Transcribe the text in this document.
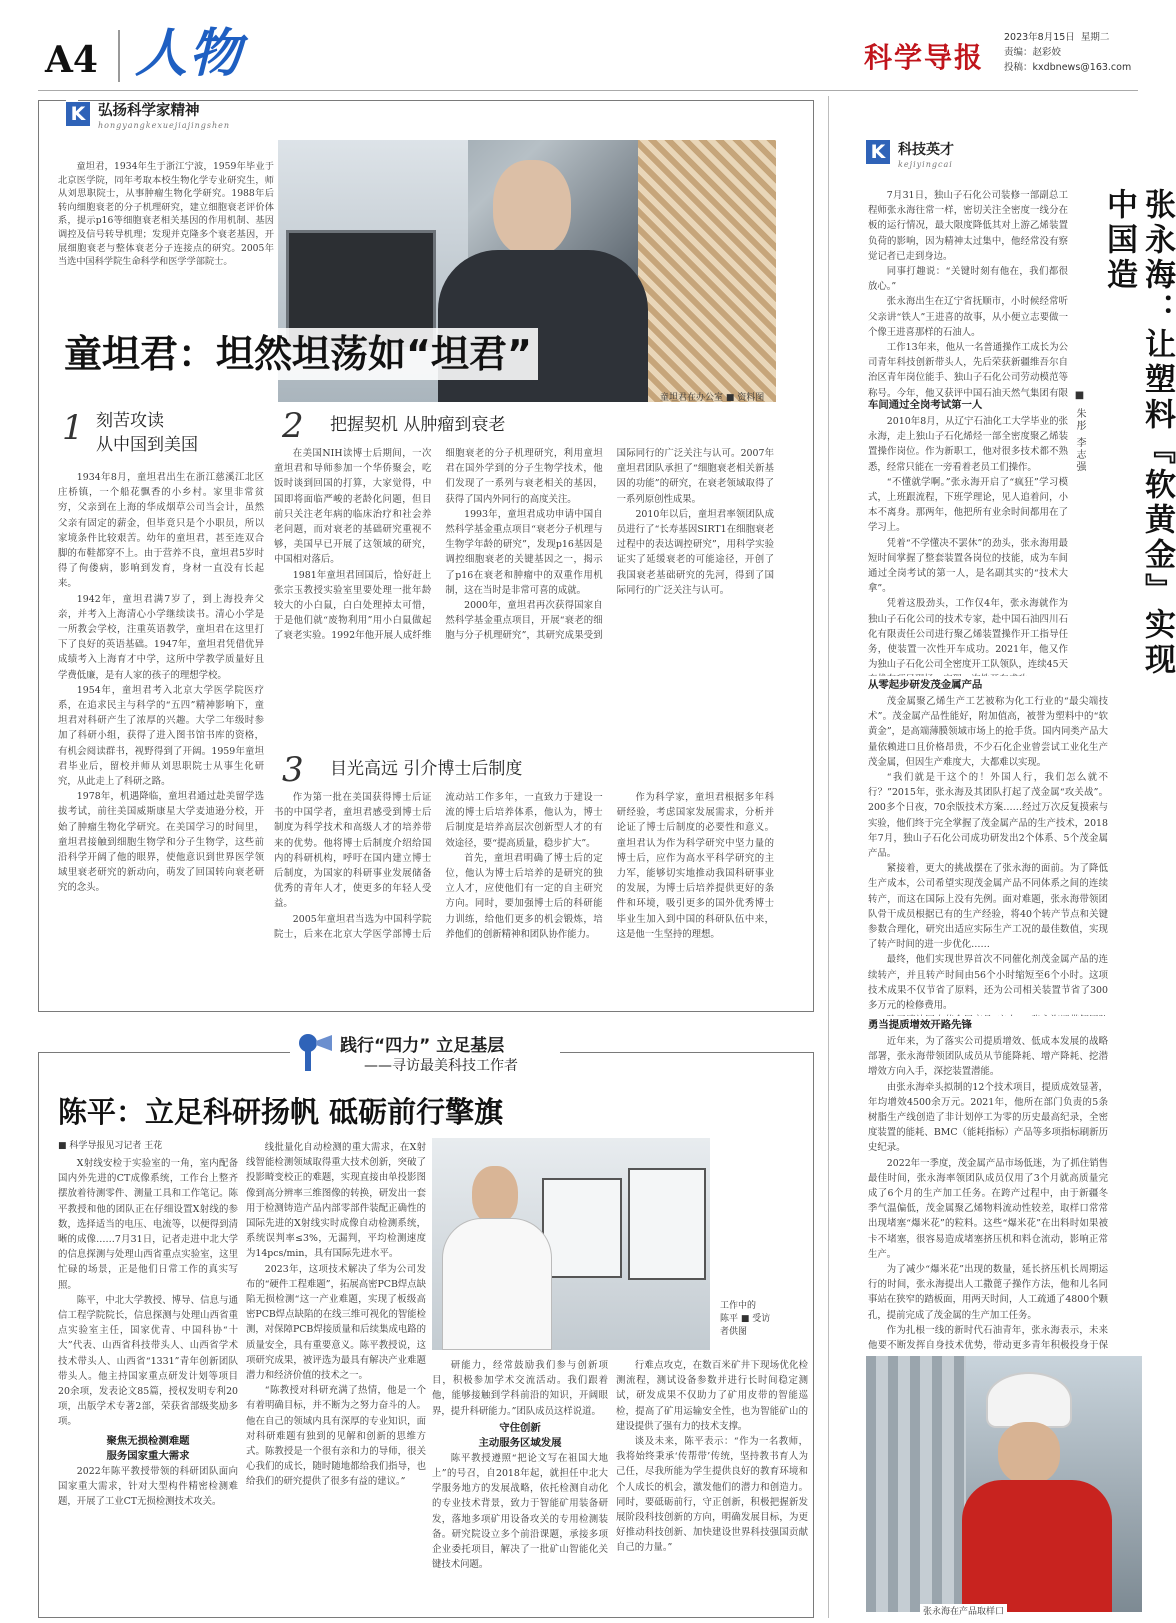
A4 人物	科学导报
2023年8月15日 星期二
责编：赵彩姣
投稿：kxdbnews@163.com
K 弘扬科学家精神
hongyangkexuejiajingshen
童坦君，1934年生于浙江宁波，1959年毕业于北京医学院，同年考取本校生物化学专业研究生，师从刘思职院士，从事肿瘤生物化学研究。1988年后转向细胞衰老的分子机理研究，建立细胞衰老评价体系，提示p16等细胞衰老相关基因的作用机制、基因调控及信号转导机理；发现并克隆多个衰老基因，开展细胞衰老与整体衰老分子连接点的研究。2005年当选中国科学院生命科学和医学学部院士。
童坦君：坦然坦荡如“坦君”
童坦君在办公室 ■ 资料图
1 刻苦攻读
从中国到美国

1934年8月，童坦君出生在浙江慈溪江北区庄桥镇，一个船花飘香的小乡村。家里非常贫穷，父亲到在上海的华成烟草公司当会计，虽然父亲有固定的薪金，但毕竟只是个小职员，所以家境条件比较艰苦。幼年的童坦君，甚至连双合脚的布鞋都穿不上。由于营养不良，童坦君5岁时得了佝偻病，影响到发育，身材一直没有长起来。

1942年，童坦君满7岁了，到上海投奔父亲，并考入上海清心小学继续读书。清心小学是一所教会学校，注重英语教学，童坦君在这里打下了良好的英语基础。1947年，童坦君凭借优异成绩考入上海育才中学，这所中学教学质量好且学费低廉，是有人家的孩子的理想学校。

1954年，童坦君考入北京大学医学院医疗系，在追求民主与科学的“五四”精神影响下，童坦君对科研产生了浓厚的兴趣。大学二年级时参加了科研小组，获得了进入图书馆书库的资格，有机会阅读群书，视野得到了开阔。1959年童坦君毕业后，留校并师从刘思职院士从事生化研究，从此走上了科研之路。

1978年，机遇降临，童坦君通过赴美留学选拔考试，前往美国威斯康星大学麦迪逊分校，开始了肿瘤生物化学研究。在美国学习的时间里，童坦君接触到细胞生物学和分子生物学，这些前沿科学开阔了他的眼界，使他意识到世界医学领域里衰老研究的新动向，萌发了回国转向衰老研究的念头。

2 把握契机 从肿瘤到衰老

在美国NIH读博士后期间，一次童坦君和导师参加一个华侨聚会，吃饭时谈到回国的打算，大家觉得，中国即将面临严峻的老龄化问题，但目前只关注老年病的临床治疗和社会养老问题，而对衰老的基础研究重视不够，美国早已开展了这领域的研究，中国相对落后。

1981年童坦君回国后，恰好赶上张宗玉教授实验室里要处理一批年龄较大的小白鼠，白白处理掉太可惜，于是他们就“废物利用”用小白鼠做起了衰老实验。1992年他开展人成纤维细胞衰老的分子机理研究，利用童坦君在国外学到的分子生物学技术，他们发现了一系列与衰老相关的基因，获得了国内外同行的高度关注。

1993年，童坦君成功申请中国自然科学基金重点项目“衰老分子机理与生物学年龄的研究”，发现p16基因是调控细胞衰老的关键基因之一，揭示了p16在衰老和肿瘤中的双重作用机制，这在当时是非常可喜的成就。

2000年，童坦君再次获得国家自然科学基金重点项目，开展“衰老的细胞与分子机理研究”，其研究成果受到国际同行的广泛关注与认可。2007年童坦君团队承担了“细胞衰老相关新基因的功能”的研究，在衰老领域取得了一系列原创性成果。

2010年以后，童坦君率领团队成员进行了“长寿基因SIRT1在细胞衰老过程中的表达调控研究”，用科学实验证实了延缓衰老的可能途径，开创了我国衰老基础研究的先河，得到了国际同行的广泛关注与认可。

3 目光高远 引介博士后制度

作为第一批在美国获得博士后证书的中国学者，童坦君感受到博士后制度为科学技术和高级人才的培养带来的优势。他将博士后制度介绍给国内的科研机构，呼吁在国内建立博士后制度，为国家的科研事业发展储备优秀的青年人才，使更多的年轻人受益。

2005年童坦君当选为中国科学院院士，后来在北京大学医学部博士后流动站工作多年，一直致力于建设一流的博士后培养体系，他认为，博士后制度是培养高层次创新型人才的有效途径，要“提高质量，稳步扩大”。

首先，童坦君明确了博士后的定位，他认为博士后培养的是研究的独立人才，应使他们有一定的自主研究方向。同时，要加强博士后的科研能力训练，给他们更多的机会锻炼，培养他们的创新精神和团队协作能力。

作为科学家，童坦君根据多年科研经验，考虑国家发展需求，分析并论证了博士后制度的必要性和意义。童坦君认为作为科学研究中坚力量的博士后，应作为高水平科学研究的主力军，能够切实地推动我国科研事业的发展，为博士后培养提供更好的条件和环境，吸引更多的国外优秀博士毕业生加入到中国的科研队伍中来，这是他一生坚持的理想。

践行“四力” 立足基层
——寻访最美科技工作者
陈平：立足科研扬帆 砥砺前行擎旗
■ 科学导报见习记者 王花

X射线安检于实验室的一角，室内配备国内外先进的CT成像系统，工作台上整齐摆放着待测零件、测量工具和工作笔记。陈平教授和他的团队正在仔细设置X射线的参数，选择适当的电压、电流等，以便得到清晰的成像……7月31日，记者走进中北大学的信息探测与处理山西省重点实验室，这里忙碌的场景，正是他们日常工作的真实写照。

陈平，中北大学教授、博导、信息与通信工程学院院长，信息探测与处理山西省重点实验室主任，国家优青、中国科协“十大”代表、山西省科技带头人、山西省学术技术带头人、山西省“1331”青年创新团队带头人。他主持国家重点研发计划等项目20余项，发表论文85篇，授权发明专利20项，出版学术专著2部，荣获省部级奖励多项。

聚焦无损检测难题
服务国家重大需求

2022年陈平教授带领的科研团队面向国家重大需求，针对大型构件精密检测难题，开展了工业CT无损检测技术攻关。

线批量化自动检测的重大需求，在X射线智能检测领域取得重大技术创新，突破了投影畸变校正的难题，实现直接由单投影图像到高分辨率三维图像的转换，研发出一套用于检测铸造产品内部零部件装配正确性的国际先进的X射线实时成像自动检测系统，系统误判率≤3%，无漏判，平均检测速度为14pcs/min，具有国际先进水平。

2023年，这项技术解决了华为公司发布的“硬件工程难题”，拓展高密PCB焊点缺陷无损检测“这一产业难题，实现了板级高密PCB焊点缺陷的在线三维可视化的智能检测，对保障PCB焊接质量和后续集成电路的质量安全，具有重要意义。陈平教授说，这项研究成果，被评选为最具有解决产业难题潜力和经济价值的技术之一。

“陈教授对科研充满了热情，他是一个有着明确目标，并不断为之努力奋斗的人。他在自己的领域内具有深厚的专业知识，面对科研难题有独到的见解和创新的思维方式。陈教授是一个很有亲和力的导师，很关心我们的成长，随时随地都给我们指导，也给我们的研究提供了很多有益的建议。”

工作中的
陈平 ■ 受访
者供图

研能力，经常鼓励我们参与创新项目，积极参加学术交流活动。我们跟着他，能够接触到学科前沿的知识，开阔眼界，提升科研能力。”团队成员这样说道。

守住创新
主动服务区域发展

陈平教授遵照“把论文写在祖国大地上”的号召，自2018年起，就担任中北大学服务地方的发展战略，依托检测自动化的专业技术背景，致力于智能矿用装备研发，落地多项矿用设备攻关的专用检测装备。研究院设立多个前沿课题，承接多项企业委托项目，解决了一批矿山智能化关键技术问题。

行难点攻克，在数百米矿井下现场优化检测流程，测试设备参数并进行长时间稳定测试，研发成果不仅助力了矿用皮带的智能巡检，提高了矿用运输安全性，也为智能矿山的建设提供了强有力的技术支撑。

谈及未来，陈平表示：“作为一名教师，我将始终秉承‘传帮带’传统，坚持教书育人为己任，尽我所能为学生提供良好的教育环境和个人成长的机会，激发他们的潜力和创造力。同时，要砥砺前行，守正创新，积极把握新发展阶段科技创新的方向，明确发展目标，为更好推动科技创新、加快建设世界科技强国贡献自己的力量。”

K 科技英才
kejiyingcai
张永海：让塑料『软黄金』实现中国造
■ 朱彤 李志强

7月31日，独山子石化公司装修一部副总工程师张永海往常一样，密切关注全密度一线分在板的运行情况，最大限度降低其对上游乙烯装置负荷的影响，因为精神太过集中，他经常没有察觉记者已走到身边。

同事打趣说：“关键时刻有他在，我们都很放心。”

张永海出生在辽宁省抚顺市，小时候经常听父亲讲“铁人”王进喜的故事，从小便立志要做一个像王进喜那样的石油人。

工作13年来，他从一名普通操作工成长为公司青年科技创新带头人，先后荣获新疆维吾尔自治区青年岗位能手、独山子石化公司劳动模范等称号。今年，他又获评中国石油天然气集团有限

车间通过全岗考试第一人

2010年8月，从辽宁石油化工大学毕业的张永海，走上独山子石化烯烃一部全密度聚乙烯装置操作岗位。作为新职工，他对很多技术都不熟悉，经常只能在一旁看着老员工们操作。

“不懂就学啊。”张永海开启了“疯狂”学习模式，上班跟流程，下班学理论，见人追着问，小本不离身。那两年，他把所有业余时间都用在了学习上。

凭着“不学懂决不罢休”的劲头，张永海用最短时间掌握了整套装置各岗位的技能，成为车间通过全岗考试的第一人，是名副其实的“技术大拿”。

凭着这股劲头，工作仅4年，张永海就作为独山子石化公司的技术专家，赴中国石油四川石化有限责任公司进行聚乙烯装置操作开工指导任务，使装置一次性开车成功。2021年，他又作为独山子石化公司全密度开工队领队，连续45天

从零起步研发茂金属产品

茂金属聚乙烯生产工艺被称为化工行业的“最尖端技术”。茂金属产品性能好，附加值高，被誉为塑料中的“软黄金”，是高端薄膜领域市场上的抢手货。国内同类产品大量依赖进口且价格昂贵，不少石化企业曾尝试工业化生产茂金属，但因生产难度大，大都难以实现。

“我们就是干这个的！外国人行，我们怎么就不行？”2015年，张永海及其团队打起了茂金属“攻关战”。200多个日夜，70余版技术方案……经过万次反复摸索与实验，他们终于完全掌握了茂金属产品的生产技术，2018年7月，独山子石化公司成功研发出2个体系、5个茂金属产品。

紧接着，更大的挑战摆在了张永海的面前。为了降低生产成本，公司希望实现茂金属产品不同体系之间的连续转产，而这在国际上没有先例。面对难题，张永海带领团队骨干成员根据已有的生产经验，将40个转产节点和关键参数合理化，研究出适应实际生产工况的最佳数值，实现了转产时间的进一步优化……

最终，他们实现世界首次不同催化剂茂金属产品的连续转产，并且转产时间由56个小时缩短至6个小时。这项技术成果不仅节省了原料，还为公司相关装置节省了300多万元的检修费用。

勇当提质增效开路先锋

近年来，为了落实公司提质增效、低成本发展的战略部署，张永海带领团队成员从节能降耗、增产降耗、挖潜增效方向入手，深挖装置潜能。

由张永海牵头拟制的12个技术项目，提质成效显著，年均增效4500余万元。2021年，他所在部门负责的5条树脂生产线创造了非计划停工为零的历史最高纪录，全密度装置的能耗、BMC（能耗指标）产品等多项指标刷新历史纪录。

2022年一季度，茂金属产品市场低迷，为了抓住销售最佳时间，张永海率领团队成员仅用了3个月就高质量完成了6个月的生产加工任务。在跨产过程中，由于新疆冬季气温偏低，茂金属聚乙烯物料流动性较差，取样口常常出现堵塞“爆米花”的粒料。这些“爆米花”在出料时如果被卡不堵塞，很容易造成堵塞挤压机和料仓流动，影响正常生产。

为了减少“爆米花”出现的数量，延长挤压机长周期运行的时间，张永海提出人工撒蓖子操作方法，他和儿名同事站在狭窄的踏板面，用两天时间，人工疏通了4800个颗孔，提前完成了茂金属的生产加工任务。

作为扎根一线的新时代石油青年，张永海表示，未来他要不断发挥自身技术优势，带动更多青年积极投身于保

张永海在产品取样口
